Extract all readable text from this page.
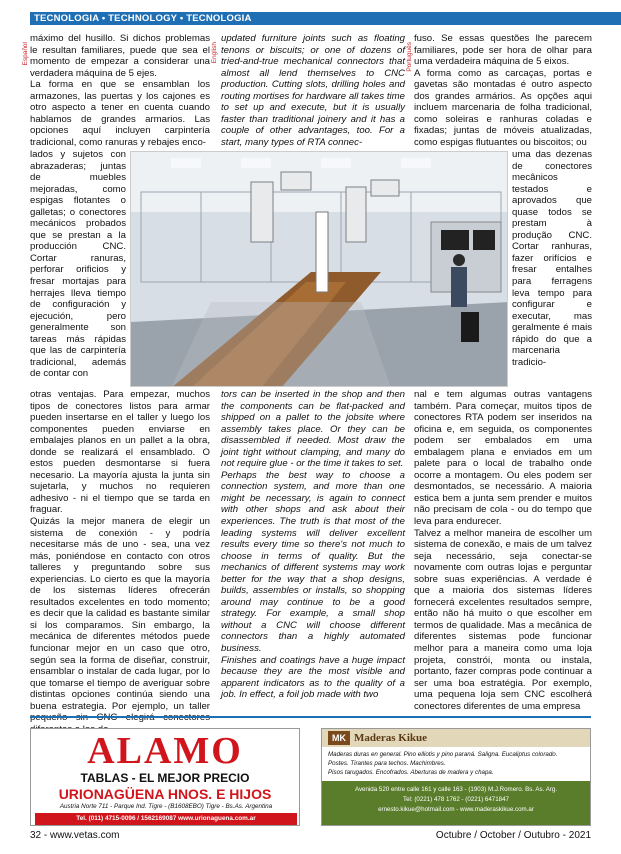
TECNOLOGIA • TECHNOLOGY • TECNOLOGIA
Español	English	Português
máximo del husillo. Si dichos problemas le resultan familiares, puede que sea el momento de empezar a considerar una verdadera máquina de 5 ejes.
La forma en que se ensamblan los armazones, las puertas y los cajones es otro aspecto a tener en cuenta cuando hablamos de grandes armarios. Las opciones aquí incluyen carpintería tradicional, como ranuras y rebajes enco-
lados y sujetos con abrazaderas; juntas de muebles mejoradas, como espigas flotantes o galletas; o conectores mecánicos probados que se prestan a la producción CNC. Cortar ranuras, perforar orificios y fresar mortajas para herrajes lleva tiempo de configuración y ejecución, pero generalmente son tareas más rápidas que las de carpintería tradicional, además de contar con
otras ventajas. Para empezar, muchos tipos de conectores listos para armar pueden insertarse en el taller y luego los componentes pueden enviarse en embalajes planos en un pallet a la obra, donde se realizará el ensamblado. O estos pueden desmontarse si fuera necesario. La mayoría ajusta la junta sin sujetarla, y muchos no requieren adhesivo - ni el tiempo que se tarda en fraguar.
Quizás la mejor manera de elegir un sistema de conexión - y podría necesitarse más de uno - sea, una vez más, poniéndose en contacto con otros talleres y preguntando sobre sus experiencias. Lo cierto es que la mayoría de los sistemas líderes ofrecerán resultados excelentes en todo momento; es decir que la calidad es bastante similar si los comparamos. Sin embargo, la mecánica de diferentes métodos puede funcionar mejor en un caso que otro, según sea la forma de diseñar, construir, ensamblar o instalar de cada lugar, por lo que tomarse el tiempo de averiguar sobre distintas opciones continúa siendo una buena estrategia. Por ejemplo, un taller
updated furniture joints such as floating tenons or biscuits; or one of dozens of tried-and-true mechanical connectors that almost all lend themselves to CNC production. Cutting slots, drilling holes and routing mortises for hardware all takes time to set up and execute, but it is usually faster than traditional joinery and it has a couple of other advantages, too. For a start, many types of RTA connec-
tors can be inserted in the shop and then the components can be flat-packed and shipped on a pallet to the jobsite where assembly takes place. Or they can be disassembled if needed. Most draw the joint tight without clamping, and many do not require glue - or the time it takes to set.
Perhaps the best way to choose a connection system, and more than one might be necessary, is again to connect with other shops and ask about their experiences. The truth is that most of the leading systems will deliver excellent results every time so there's not much to choose in terms of quality. But the mechanics of different systems may work better for the way that a shop designs, builds, assembles or installs, so shopping around may continue to be a good strategy. For example, a small shop without a CNC will choose different connectors than a highly automated business.
Finishes and coatings have a huge impact because they are the most visible and apparent indicators as to the quality of a job. In effect, a foil job made with two
fuso. Se essas questões lhe parecem familiares, pode ser hora de olhar para uma verdadeira máquina de 5 eixos.
A forma como as carcaças, portas e gavetas são montadas é outro aspecto dos grandes armários. As opções aqui incluem marcenaria de folha tradicional, como soleiras e ranhuras coladas e fixadas; juntas de móveis atualizadas, como espigas flutuantes ou biscoitos; ou
uma das dezenas de conectores mecânicos testados e aprovados que quase todos se prestam à produção CNC. Cortar ranhuras, fazer orifícios e fresar entalhes para ferragens leva tempo para configurar e executar, mas geralmente é mais rápido do que a marcenaria tradicio-
nal e tem algumas outras vantagens também. Para começar, muitos tipos de conectores RTA podem ser inseridos na oficina e, em seguida, os componentes podem ser embalados em uma embalagem plana e enviados em um palete para o local de trabalho onde ocorre a montagem. Ou eles podem ser desmontados, se necessário. A maioria estica bem a junta sem prender e muitos não precisam de cola - ou do tempo que leva para endurecer.
Talvez a melhor maneira de escolher um sistema de conexão, e mais de um talvez seja necessário, seja conectar-se novamente com outras lojas e perguntar sobre suas experiências. A verdade é que a maioria dos sistemas líderes fornecerá excelentes resultados sempre, então não há muito o que escolher em termos de qualidade. Mas a mecânica de diferentes sistemas pode funcionar melhor para a maneira como uma loja projeta, constrói, monta ou instala, portanto, fazer compras pode continuar a ser uma boa estratégia. Por exemplo, uma pequena loja sem CNC escolherá conectores diferentes de uma empresa
ALAMO
TABLAS - EL MEJOR PRECIO
URIONAGÜENA HNOS. E HIJOS
Austria Norte 711 - Parque Ind. Tigre - (B1608EBO) Tigre - Bs.As. Argentina
Tel. (011) 4715-0096 / 1562169087 www.urionaguena.com.ar
MK Maderas Kikue
Maderas duras en general. Pino elliotis y pino paraná. Saligna. Eucaliptus colorado.
Postes. Tirantes para techos. Machimbres.
Pisos tarugados. Encofrados. Aberturas de madera y chapa.
Avenida 520 entre calle 161 y calle 163 - (1903) M.J.Romero. Bs. As. Arg.
Tel: (0221) 478 1762 - (0221) 6471847
ernesto.kikue@hotmail.com - www.maderaskikue.com.ar
32 - www.vetas.com	Octubre / October / Outubro - 2021
